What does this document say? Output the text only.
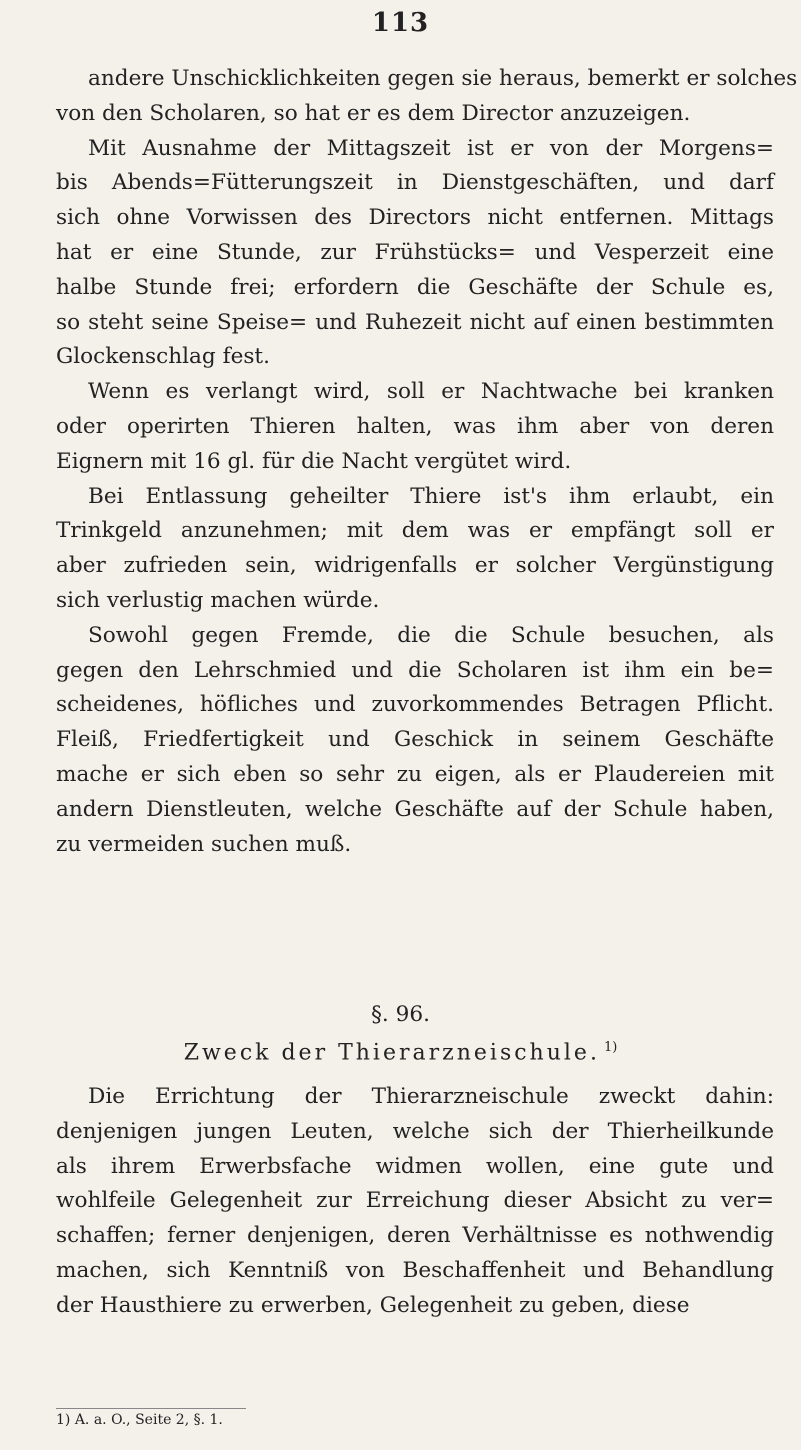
113
andere Unschicklichkeiten gegen sie heraus, bemerkt er solches
von den Scholaren, so hat er es dem Director anzuzeigen.
Mit Ausnahme der Mittagszeit ist er von der Morgens=
bis Abends=Fütterungszeit in Dienstgeschäften, und darf
sich ohne Vorwissen des Directors nicht entfernen. Mittags
hat er eine Stunde, zur Frühstücks= und Vesperzeit eine
halbe Stunde frei; erfordern die Geschäfte der Schule es,
so steht seine Speise= und Ruhezeit nicht auf einen bestimmten
Glockenschlag fest.
Wenn es verlangt wird, soll er Nachtwache bei kranken
oder operirten Thieren halten, was ihm aber von deren
Eignern mit 16 gl. für die Nacht vergütet wird.
Bei Entlassung geheilter Thiere ist's ihm erlaubt, ein
Trinkgeld anzunehmen; mit dem was er empfängt soll er
aber zufrieden sein, widrigenfalls er solcher Vergünstigung
sich verlustig machen würde.
Sowohl gegen Fremde, die die Schule besuchen, als
gegen den Lehrschmied und die Scholaren ist ihm ein be=
scheidenes, höfliches und zuvorkommendes Betragen Pflicht.
Fleiß, Friedfertigkeit und Geschick in seinem Geschäfte
mache er sich eben so sehr zu eigen, als er Plaudereien mit
andern Dienstleuten, welche Geschäfte auf der Schule haben,
zu vermeiden suchen muß.
§. 96.
Zweck der Thierarzneischule. $^{1)}$
Die Errichtung der Thierarzneischule zweckt dahin:
denjenigen jungen Leuten, welche sich der Thierheilkunde
als ihrem Erwerbsfache widmen wollen, eine gute und
wohlfeile Gelegenheit zur Erreichung dieser Absicht zu ver=
schaffen; ferner denjenigen, deren Verhältnisse es nothwendig
machen, sich Kenntniß von Beschaffenheit und Behandlung
der Hausthiere zu erwerben, Gelegenheit zu geben, diese
1) A. a. O., Seite 2, §. 1.
